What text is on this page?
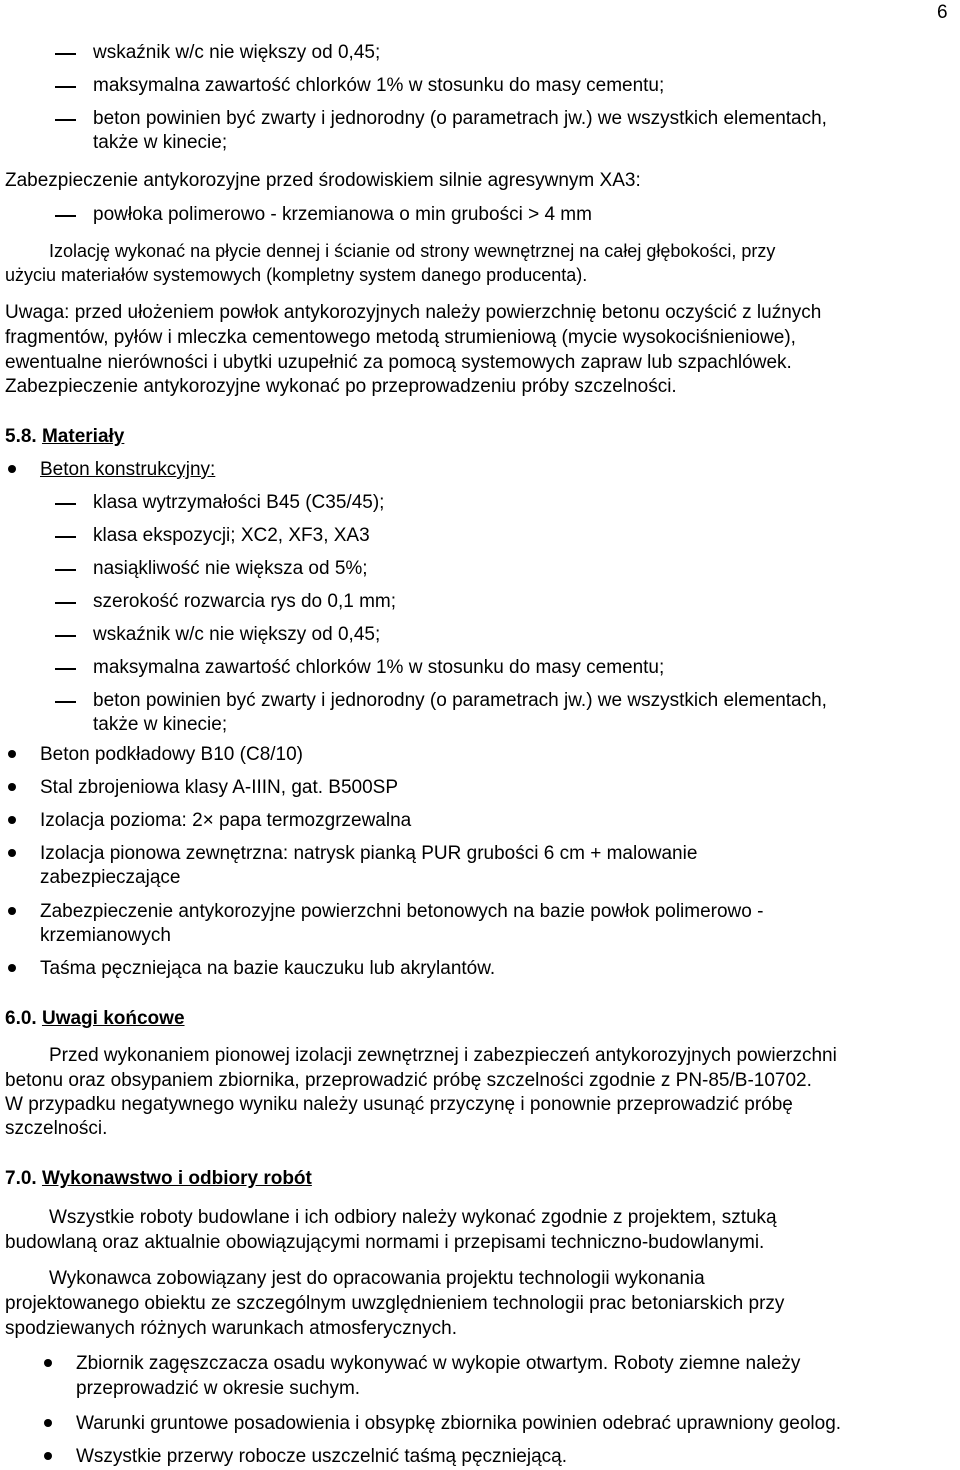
6
wskaźnik w/c nie większy od 0,45;
maksymalna zawartość chlorków 1% w stosunku do masy cementu;
beton powinien być zwarty i jednorodny (o parametrach jw.) we wszystkich elementach,
także w kinecie;
Zabezpieczenie antykorozyjne przed środowiskiem silnie agresywnym XA3:
powłoka polimerowo - krzemianowa o min grubości > 4 mm
Izolację wykonać na płycie dennej i ścianie od strony wewnętrznej na całej głębokości, przy
użyciu materiałów systemowych (kompletny system danego producenta).
Uwaga: przed ułożeniem powłok antykorozyjnych należy powierzchnię betonu oczyścić z luźnych
fragmentów, pyłów i mleczka cementowego metodą strumieniową (mycie wysokociśnieniowe),
ewentualne nierówności i ubytki uzupełnić za pomocą systemowych zapraw lub szpachlówek.
Zabezpieczenie antykorozyjne wykonać po przeprowadzeniu próby szczelności.
5.8. Materiały
Beton konstrukcyjny:
klasa wytrzymałości B45 (C35/45);
klasa ekspozycji; XC2, XF3, XA3
nasiąkliwość nie większa od 5%;
szerokość rozwarcia rys do 0,1 mm;
wskaźnik w/c nie większy od 0,45;
maksymalna zawartość chlorków 1% w stosunku do masy cementu;
beton powinien być zwarty i jednorodny (o parametrach jw.) we wszystkich elementach,
także w kinecie;
Beton podkładowy B10 (C8/10)
Stal zbrojeniowa klasy A-IIIN, gat. B500SP
Izolacja pozioma: 2× papa termozgrzewalna
Izolacja pionowa zewnętrzna: natrysk pianką PUR grubości 6 cm + malowanie
zabezpieczające
Zabezpieczenie antykorozyjne powierzchni betonowych na bazie powłok polimerowo -
krzemianowych
Taśma pęczniejąca na bazie kauczuku lub akrylantów.
6.0. Uwagi końcowe
Przed wykonaniem pionowej izolacji zewnętrznej i zabezpieczeń antykorozyjnych powierzchni
betonu oraz obsypaniem zbiornika, przeprowadzić próbę szczelności zgodnie z PN-85/B-10702.
W przypadku negatywnego wyniku należy usunąć przyczynę i ponownie przeprowadzić próbę
szczelności.
7.0. Wykonawstwo i odbiory robót
Wszystkie roboty budowlane i ich odbiory należy wykonać zgodnie z projektem, sztuką
budowlaną oraz aktualnie obowiązującymi normami i przepisami techniczno-budowlanymi.
Wykonawca zobowiązany jest do opracowania projektu technologii wykonania
projektowanego obiektu ze szczególnym uwzględnieniem technologii prac betoniarskich przy
spodziewanych różnych warunkach atmosferycznych.
Zbiornik zagęszczacza osadu wykonywać w wykopie otwartym. Roboty ziemne należy
przeprowadzić w okresie suchym.
Warunki gruntowe posadowienia i obsypkę zbiornika powinien odebrać uprawniony geolog.
Wszystkie przerwy robocze uszczelnić taśmą pęczniejącą.
